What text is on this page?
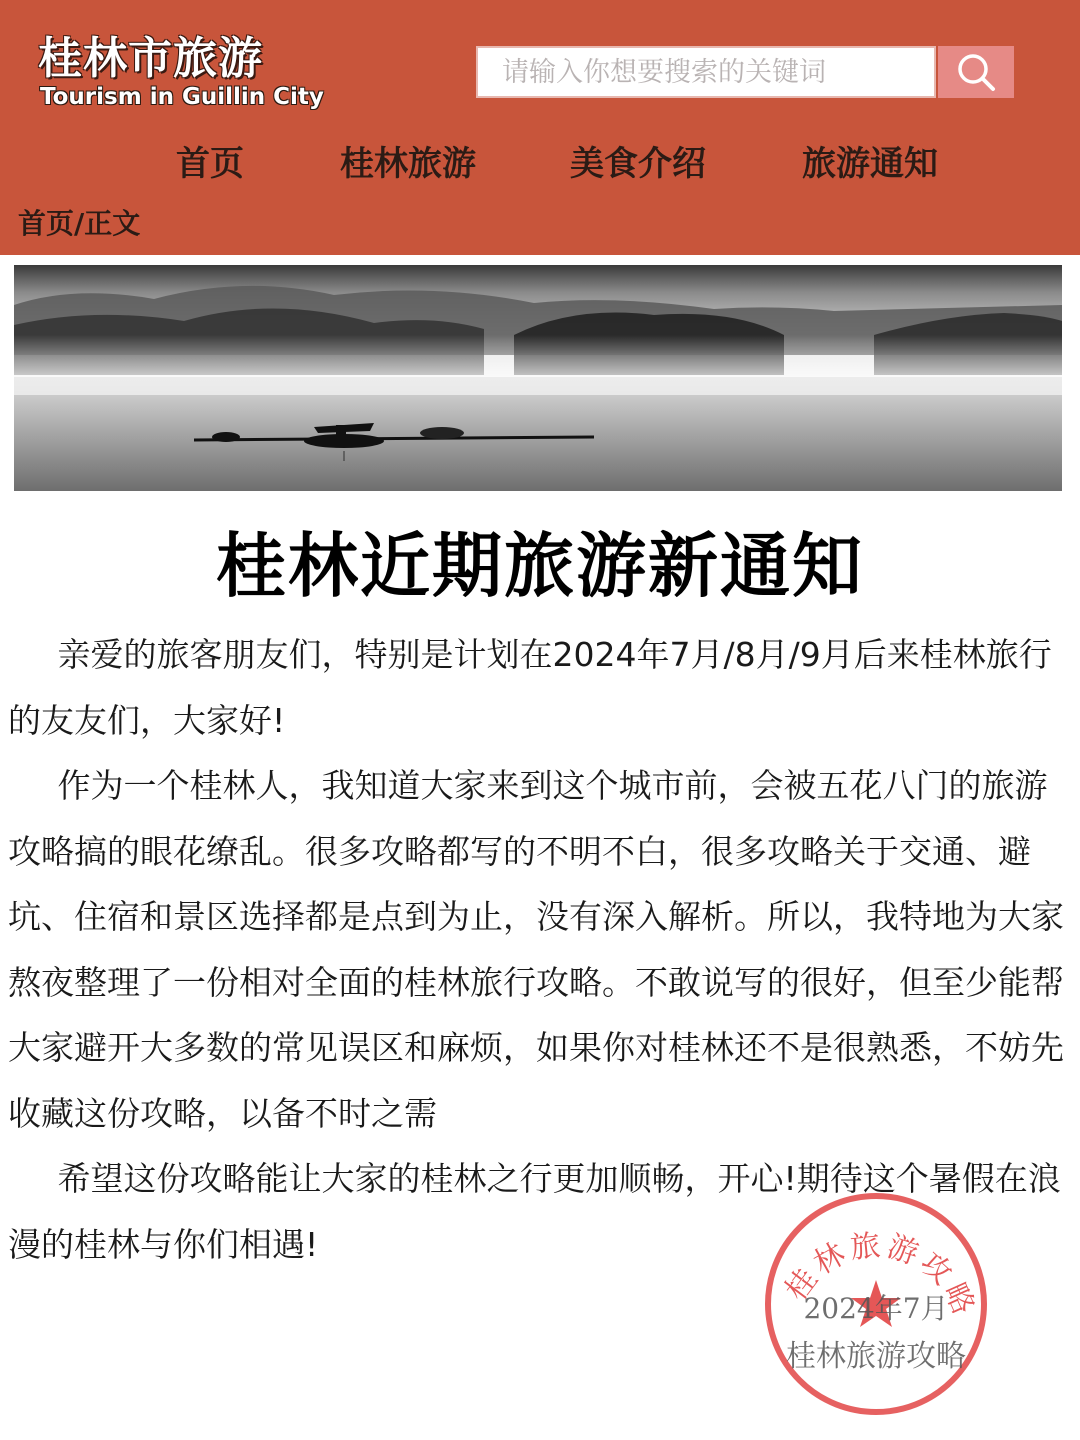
桂林市旅游
Tourism in Guillin City
请输入你想要搜索的关键词
首页	桂林旅游	美食介绍	旅游通知
首页/正文
桂林近期旅游新通知

亲爱的旅客朋友们，特别是计划在2024年7月/8月/9月后来桂林旅行的友友们，大家好!

作为一个桂林人，我知道大家来到这个城市前，会被五花八门的旅游攻略搞的眼花缭乱。很多攻略都写的不明不白，很多攻略关于交通、避坑、住宿和景区选择都是点到为止，没有深入解析。所以，我特地为大家熬夜整理了一份相对全面的桂林旅行攻略。不敢说写的很好，但至少能帮大家避开大多数的常见误区和麻烦，如果你对桂林还不是很熟悉，不妨先收藏这份攻略，以备不时之需

希望这份攻略能让大家的桂林之行更加顺畅，开心!期待这个暑假在浪漫的桂林与你们相遇!

桂林旅游攻略
2024年7月
桂林旅游攻略
